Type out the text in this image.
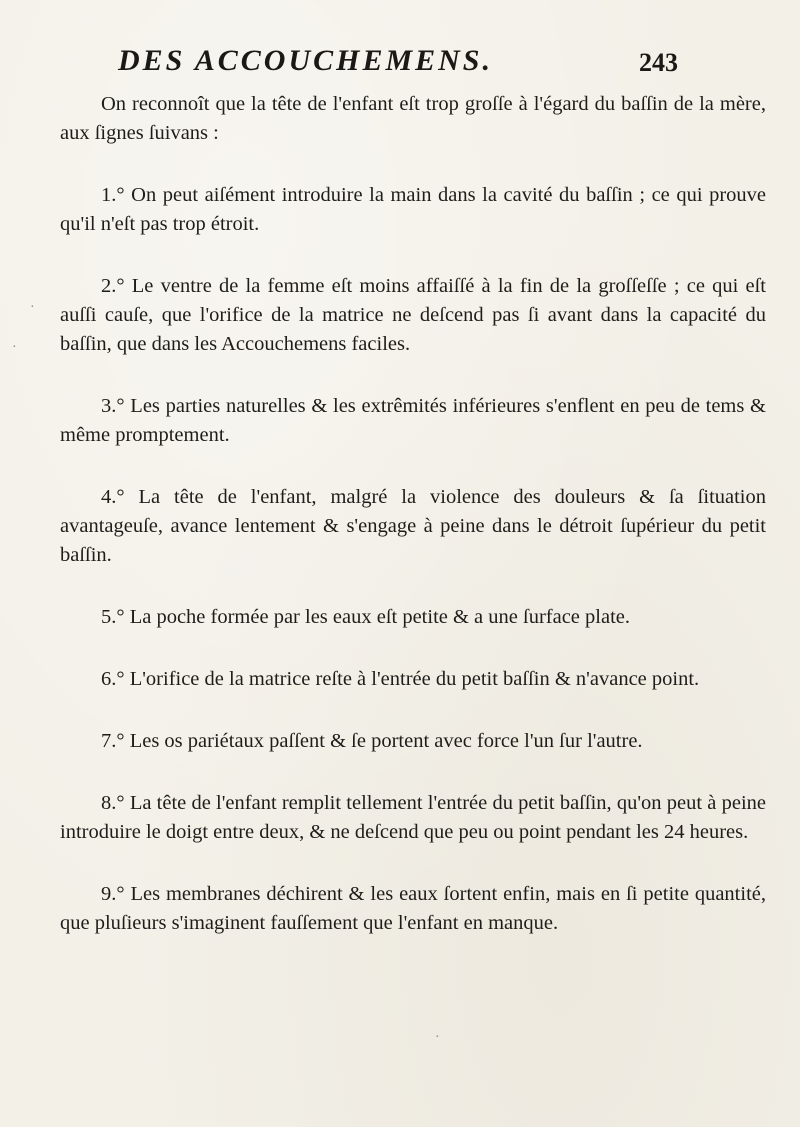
DES ACCOUCHEMENS.	243

On reconnoît que la tête de l'enfant eſt trop groſſe à l'égard du baſſin de la mère, aux ſignes ſuivans :

1.° On peut aiſément introduire la main dans la cavité du baſſin ; ce qui prouve qu'il n'eſt pas trop étroit.

2.° Le ventre de la femme eſt moins affaiſſé à la fin de la groſſeſſe ; ce qui eſt auſſi cauſe, que l'orifice de la matrice ne deſcend pas ſi avant dans la capacité du baſſin, que dans les Accouchemens faciles.

3.° Les parties naturelles & les extrêmités inférieures s'enflent en peu de tems & même promptement.

4.° La tête de l'enfant, malgré la violence des douleurs & ſa ſituation avantageuſe, avance lentement & s'engage à peine dans le détroit ſupérieur du petit baſſin.

5.° La poche formée par les eaux eſt petite & a une ſurface plate.

6.° L'orifice de la matrice reſte à l'entrée du petit baſſin & n'avance point.

7.° Les os pariétaux paſſent & ſe portent avec force l'un ſur l'autre.

8.° La tête de l'enfant remplit tellement l'entrée du petit baſſin, qu'on peut à peine introduire le doigt entre deux, & ne deſcend que peu ou point pendant les 24 heures.

9.° Les membranes déchirent & les eaux ſortent enfin, mais en ſi petite quantité, que pluſieurs s'imaginent fauſſement que l'enfant en manque.

·
·
·
